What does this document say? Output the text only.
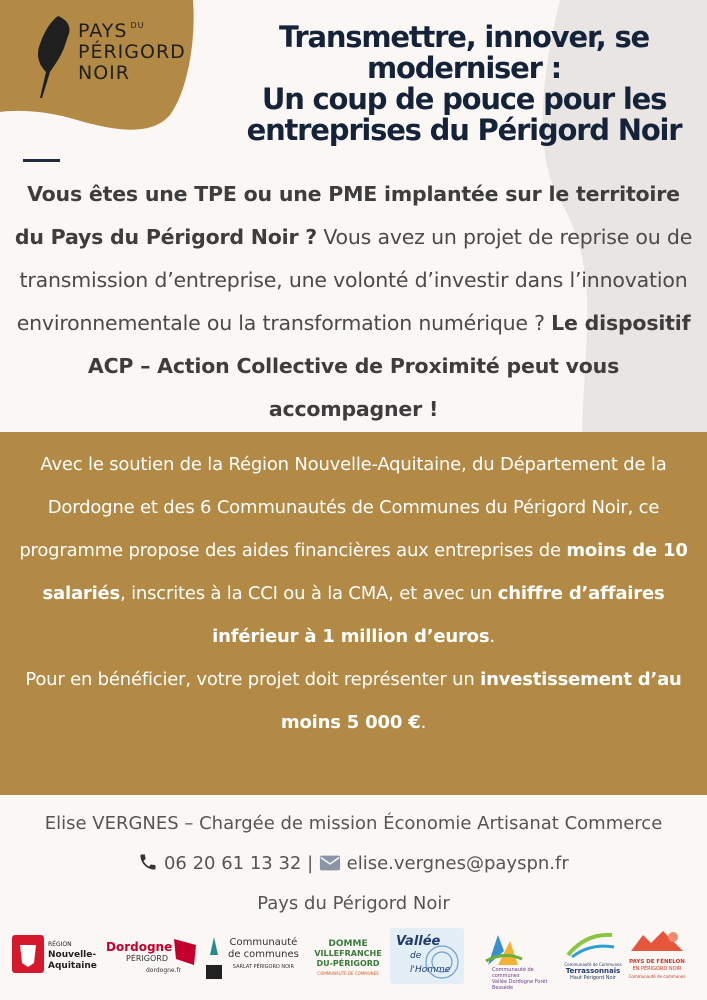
PAYS $^{DU}$
PÉRIGORD
NOIR
Transmettre, innover, se
moderniser :
Un coup de pouce pour les
entreprises du Périgord Noir

Vous êtes une TPE ou une PME implantée sur le territoire du Pays du Périgord Noir ? Vous avez un projet de reprise ou de transmission d’entreprise, une volonté d’investir dans l’innovation environnementale ou la transformation numérique ? Le dispositif ACP – Action Collective de Proximité peut vous accompagner !

Avec le soutien de la Région Nouvelle-Aquitaine, du Département de la Dordogne et des 6 Communautés de Communes du Périgord Noir, ce programme propose des aides financières aux entreprises de moins de 10 salariés, inscrites à la CCI ou à la CMA, et avec un chiffre d’affaires inférieur à 1 million d’euros.

Pour en bénéficier, votre projet doit représenter un investissement d’au moins 5 000 €.

Elise VERGNES – Chargée de mission Économie Artisanat Commerce
06 20 61 13 32 |  elise.vergnes@payspn.fr
Pays du Périgord Noir
RÉGION
Nouvelle-
Aquitaine
Dordogne
PÉRIGORD
dordogne.fr
Communauté
de communes
SARLAT PÉRIGORD NOIR
DOMME
VILLEFRANCHE
DU-PÉRIGORD
COMMUNAUTÉ DE COMMUNES
Vallée
de l'Homme	Communauté de communes
Vallée Dordogne Forêt Bessède
Communauté de Communes
Terrassonnais
Haut Périgord Noir
PAYS DE FÉNELON
EN PÉRIGORD NOIR
Communauté de communes
